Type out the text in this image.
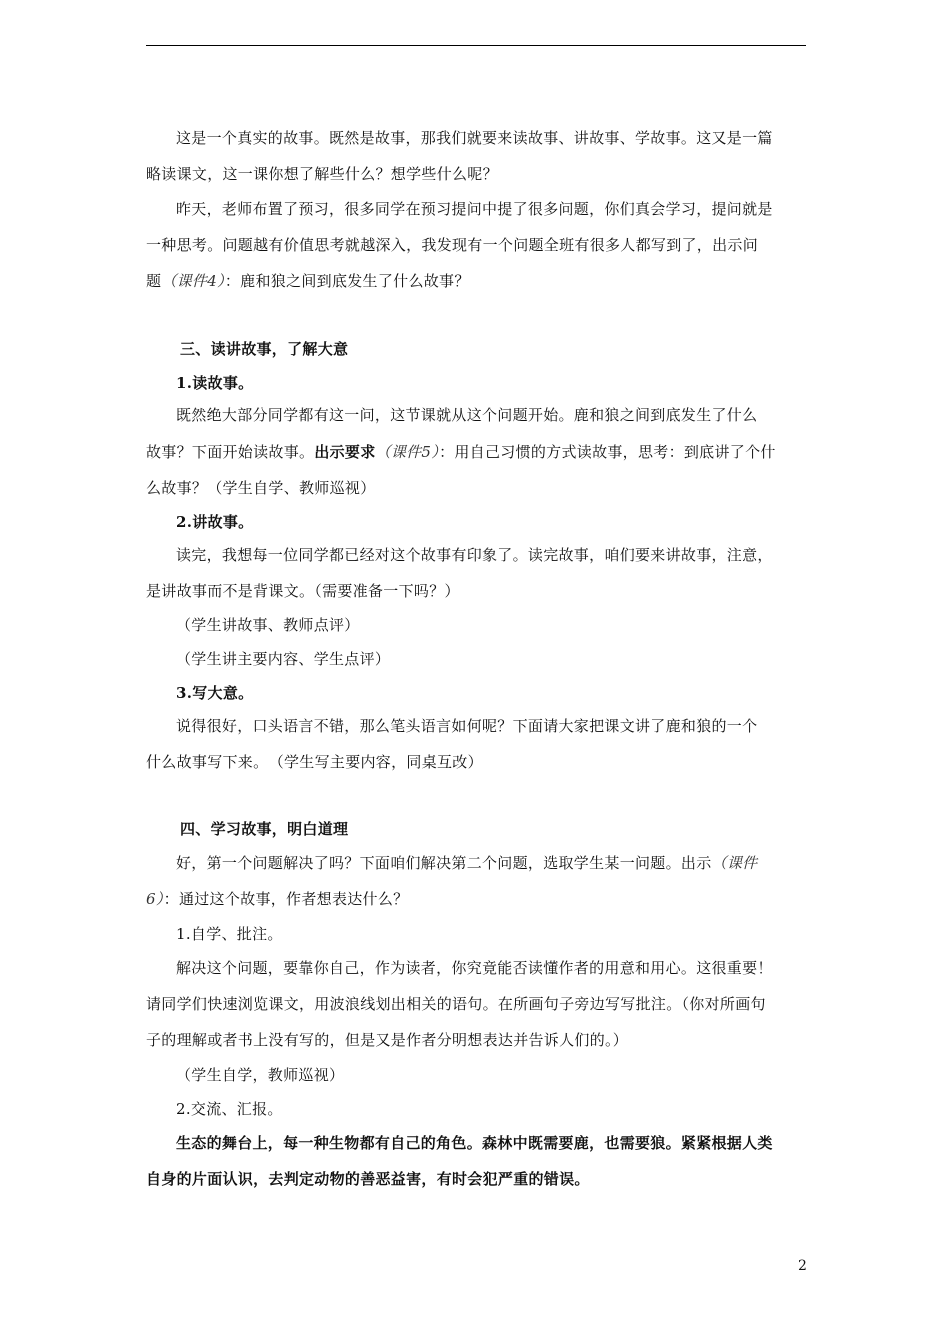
这是一个真实的故事。既然是故事，那我们就要来读故事、讲故事、学故事。这又是一篇
略读课文，这一课你想了解些什么？想学些什么呢？
昨天，老师布置了预习，很多同学在预习提问中提了很多问题，你们真会学习，提问就是
一种思考。问题越有价值思考就越深入，我发现有一个问题全班有很多人都写到了，出示问
题（课件4）：鹿和狼之间到底发生了什么故事？
三、读讲故事，了解大意
1.读故事。
既然绝大部分同学都有这一问，这节课就从这个问题开始。鹿和狼之间到底发生了什么
故事？下面开始读故事。出示要求（课件5）：用自己习惯的方式读故事，思考：到底讲了个什
么故事？（学生自学、教师巡视）
2.讲故事。
读完，我想每一位同学都已经对这个故事有印象了。读完故事，咱们要来讲故事，注意，
是讲故事而不是背课文。（需要准备一下吗？）
（学生讲故事、教师点评）
（学生讲主要内容、学生点评）
3.写大意。
说得很好，口头语言不错，那么笔头语言如何呢？下面请大家把课文讲了鹿和狼的一个
什么故事写下来。　（学生写主要内容，同桌互改）
四、学习故事，明白道理
好，第一个问题解决了吗？下面咱们解决第二个问题，选取学生某一问题。出示（课件
6）：通过这个故事，作者想表达什么？
1.自学、批注。
解决这个问题，要靠你自己，作为读者，你究竟能否读懂作者的用意和用心。这很重要！
请同学们快速浏览课文，用波浪线划出相关的语句。在所画句子旁边写写批注。（你对所画句
子的理解或者书上没有写的，但是又是作者分明想表达并告诉人们的。）
（学生自学，教师巡视）
2.交流、汇报。
生态的舞台上，每一种生物都有自己的角色。森林中既需要鹿，也需要狼。紧紧根据人类
自身的片面认识，去判定动物的善恶益害，有时会犯严重的错误。
2
